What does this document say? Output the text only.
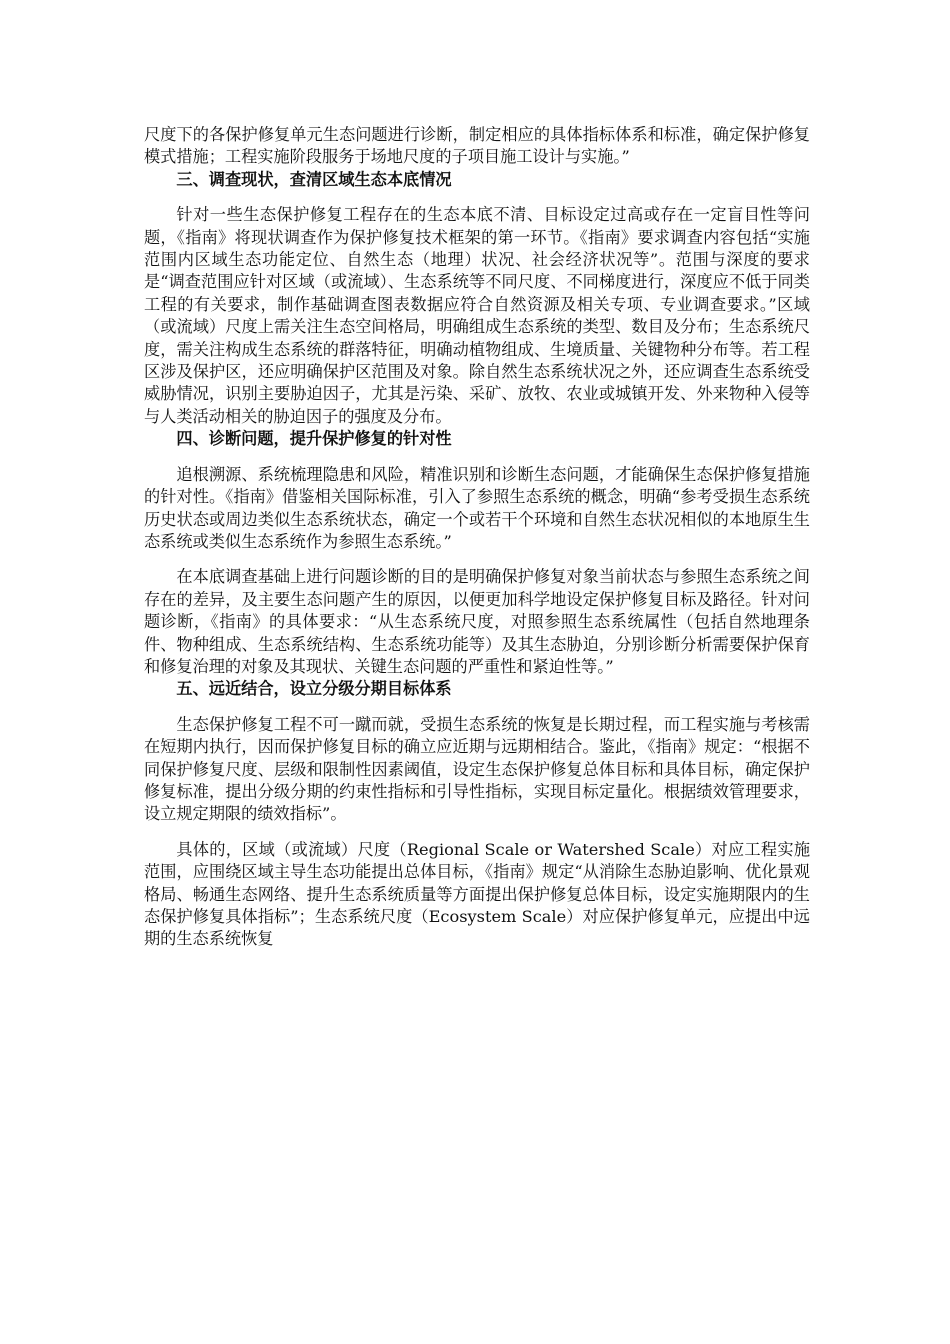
尺度下的各保护修复单元生态问题进行诊断，制定相应的具体指标体系和标准，确定保护修复模式措施；工程实施阶段服务于场地尺度的子项目施工设计与实施。”

三、调查现状，查清区域生态本底情况

针对一些生态保护修复工程存在的生态本底不清、目标设定过高或存在一定盲目性等问题，《指南》将现状调查作为保护修复技术框架的第一环节。《指南》要求调查内容包括“实施范围内区域生态功能定位、自然生态（地理）状况、社会经济状况等”。范围与深度的要求是“调查范围应针对区域（或流域）、生态系统等不同尺度、不同梯度进行，深度应不低于同类工程的有关要求，制作基础调查图表数据应符合自然资源及相关专项、专业调查要求。”区域（或流域）尺度上需关注生态空间格局，明确组成生态系统的类型、数目及分布；生态系统尺度，需关注构成生态系统的群落特征，明确动植物组成、生境质量、关键物种分布等。若工程区涉及保护区，还应明确保护区范围及对象。除自然生态系统状况之外，还应调查生态系统受威胁情况，识别主要胁迫因子，尤其是污染、采矿、放牧、农业或城镇开发、外来物种入侵等与人类活动相关的胁迫因子的强度及分布。

四、诊断问题，提升保护修复的针对性

追根溯源、系统梳理隐患和风险，精准识别和诊断生态问题，才能确保生态保护修复措施的针对性。《指南》借鉴相关国际标准，引入了参照生态系统的概念，明确“参考受损生态系统历史状态或周边类似生态系统状态，确定一个或若干个环境和自然生态状况相似的本地原生生态系统或类似生态系统作为参照生态系统。”

在本底调查基础上进行问题诊断的目的是明确保护修复对象当前状态与参照生态系统之间存在的差异，及主要生态问题产生的原因，以便更加科学地设定保护修复目标及路径。针对问题诊断，《指南》的具体要求：“从生态系统尺度，对照参照生态系统属性（包括自然地理条件、物种组成、生态系统结构、生态系统功能等）及其生态胁迫，分别诊断分析需要保护保育和修复治理的对象及其现状、关键生态问题的严重性和紧迫性等。”

五、远近结合，设立分级分期目标体系

生态保护修复工程不可一蹴而就，受损生态系统的恢复是长期过程，而工程实施与考核需在短期内执行，因而保护修复目标的确立应近期与远期相结合。鉴此，《指南》规定：“根据不同保护修复尺度、层级和限制性因素阈值，设定生态保护修复总体目标和具体目标，确定保护修复标准，提出分级分期的约束性指标和引导性指标，实现目标定量化。根据绩效管理要求，设立规定期限的绩效指标”。

具体的，区域（或流域）尺度（Regional Scale or Watershed Scale）对应工程实施范围，应围绕区域主导生态功能提出总体目标，《指南》规定“从消除生态胁迫影响、优化景观格局、畅通生态网络、提升生态系统质量等方面提出保护修复总体目标，设定实施期限内的生态保护修复具体指标”；生态系统尺度（Ecosystem Scale）对应保护修复单元，应提出中远期的生态系统恢复
